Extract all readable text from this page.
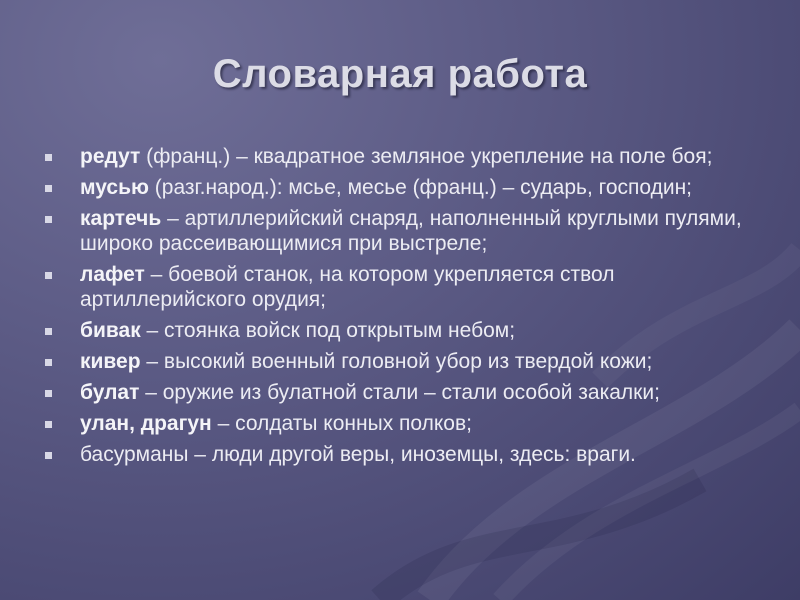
Словарная работа
редут (франц.) – квадратное земляное укрепление на поле боя;
мусью (разг.народ.): мсье, месье (франц.) – сударь, господин;
картечь – артиллерийский снаряд, наполненный круглыми пулями, широко рассеивающимися при выстреле;
лафет – боевой станок, на котором укрепляется ствол артиллерийского орудия;
бивак – стоянка войск под открытым небом;
кивер – высокий военный головной убор из твердой кожи;
булат – оружие из булатной стали – стали особой закалки;
улан, драгун – солдаты конных полков;
басурманы – люди другой веры, иноземцы, здесь: враги.
